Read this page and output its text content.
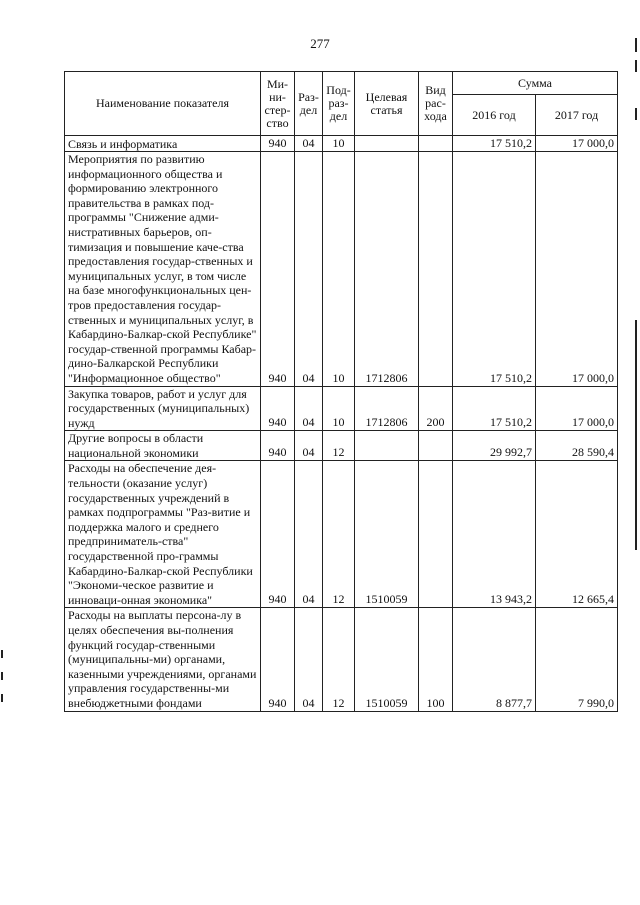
277
Наименование показателя	Ми-ни-стер-ство	Раз-дел	Под-раз-дел	Целевая статья	Вид рас-хода	Сумма	
						2016 год	2017 год
Связь и информатика	940	04	10			17 510,2	17 000,0
Мероприятия по развитию информационного общества и формированию электронного правительства в рамках под-программы "Снижение адми-нистративных барьеров, оп-тимизация и повышение каче-ства предоставления государ-ственных и муниципальных услуг, в том числе на базе многофункциональных цен-тров предоставления государ-ственных и муниципальных услуг, в Кабардино-Балкар-ской Республике" государ-ственной программы Кабар-дино-Балкарской Республики "Информационное общество"	940	04	10	1712806		17 510,2	17 000,0
Закупка товаров, работ и услуг для государственных (муниципальных) нужд	940	04	10	1712806	200	17 510,2	17 000,0
Другие вопросы в области национальной экономики	940	04	12			29 992,7	28 590,4
Расходы на обеспечение дея-тельности (оказание услуг) государственных учреждений в рамках подпрограммы "Раз-витие и поддержка малого и среднего предприниматель-ства" государственной про-граммы Кабардино-Балкар-ской Республики "Экономи-ческое развитие и инноваци-онная экономика"	940	04	12	1510059		13 943,2	12 665,4
Расходы на выплаты персона-лу в целях обеспечения вы-полнения функций государ-ственными (муниципальны-ми) органами, казенными учреждениями, органами управления государственны-ми внебюджетными фондами	940	04	12	1510059	100	8 877,7	7 990,0
